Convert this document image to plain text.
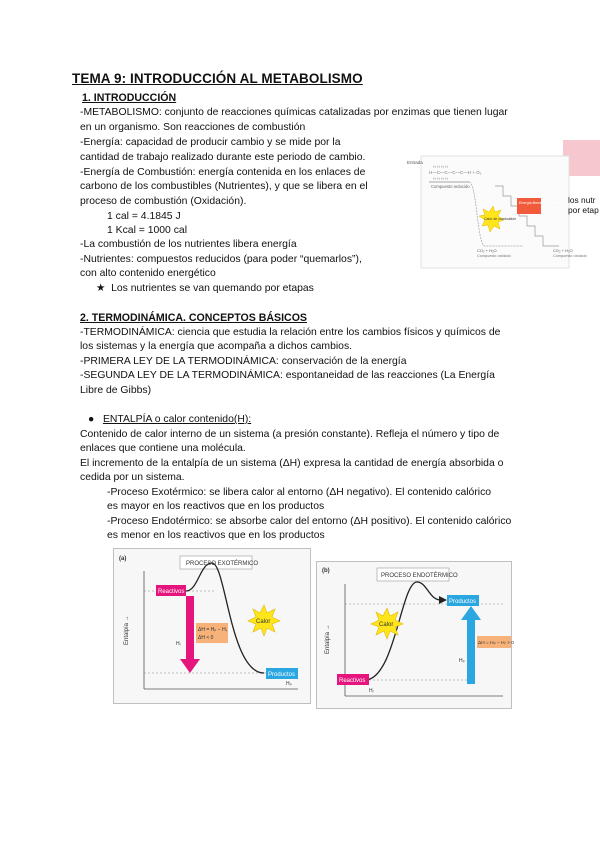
TEMA 9: INTRODUCCIÓN AL METABOLISMO
1. INTRODUCCIÓN
-METABOLISMO: conjunto de reacciones químicas catalizadas por enzimas que tienen lugar
en un organismo. Son reacciones de combustión
-Energía: capacidad de producir cambio y se mide por la
cantidad de trabajo realizado durante este periodo de cambio.
-Energía de Combustión: energía contenida en los enlaces de
carbono de los combustibles (Nutrientes), y que se libera en el
proceso de combustión (Oxidación).
1 cal = 4.1845 J
1 Kcal = 1000 cal
-La combustión de los nutrientes libera energía
-Nutrientes: compuestos reducidos (para poder “quemarlos”),
con alto contenido energético
★ Los nutrientes se van quemando por etapas
Entrada
Compuesto reducido
H H H H
H—C—C—C—C—H + O₂
H H H H
Energía liberada en las etapas
Calor de combustión
CO₂ + H₂O
Compuesto oxidado
CO₂ + H₂O
Compuesto oxidado
los nutr
por etap
2. TERMODINÁMICA. CONCEPTOS BÁSICOS
-TERMODINÁMICA: ciencia que estudia la relación entre los cambios físicos y químicos de
los sistemas y la energía que acompaña a dichos cambios.
-PRIMERA LEY DE LA TERMODINÁMICA: conservación de la energía
-SEGUNDA LEY DE LA TERMODINÁMICA: espontaneidad de las reacciones (La Energía
Libre de Gibbs)
● ENTALPÍA o calor contenido(H):
Contenido de calor interno de un sistema (a presión constante). Refleja el número y tipo de
enlaces que contiene una molécula.
El incremento de la entalpía de un sistema (ΔH) expresa la cantidad de energía absorbida o
cedida por un sistema.
-Proceso Exotérmico: se libera calor al entorno (ΔH negativo). El contenido calórico
es mayor en los reactivos que en los productos
-Proceso Endotérmico: se absorbe calor del entorno (ΔH positivo). El contenido calórico
es menor en los reactivos que en los productos
(a)
PROCESO EXOTÉRMICO
Entalpía →
Reactivos
Productos
ΔH = Hₚ − Hᵣ
ΔH < 0
Calor
Hᵣ
Hₚ
(b)
PROCESO ENDOTÉRMICO
Entalpía →
Productos
Reactivos
ΔH = Hₚ − Hᵣ > 0
Calor
Hₚ
Hᵣ
